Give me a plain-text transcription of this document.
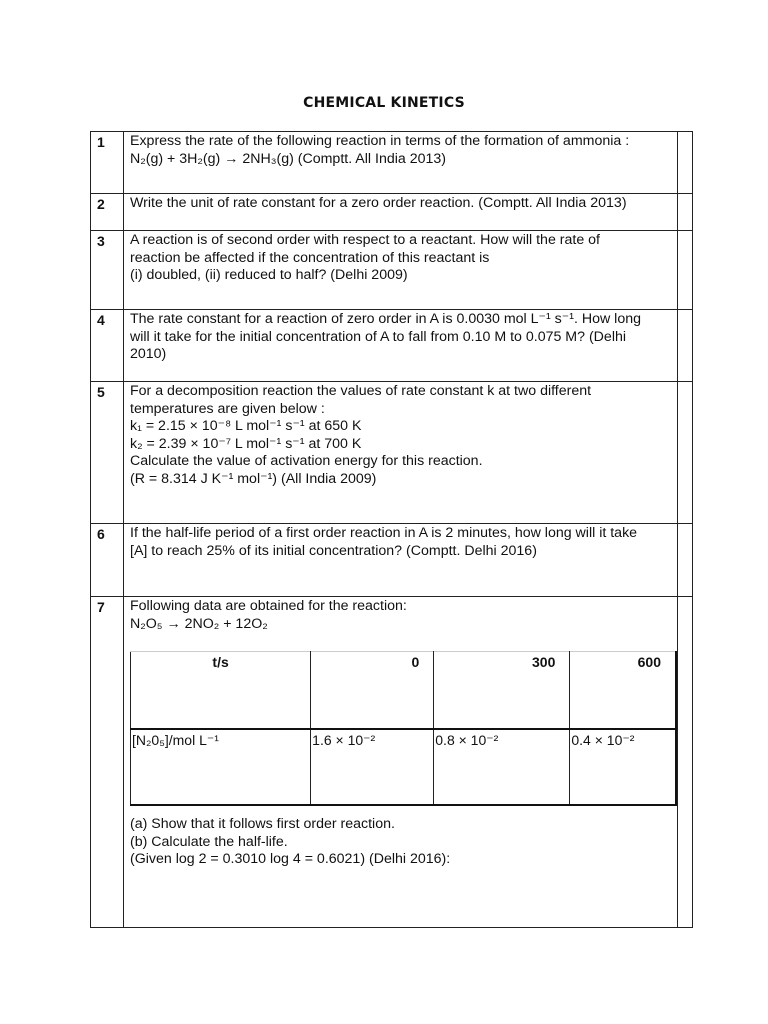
CHEMICAL KINETICS
1	Express the rate of the following reaction in terms of the formation of ammonia :
N₂(g) + 3H₂(g) → 2NH₃(g) (Comptt. All India 2013)

2	Write the unit of rate constant for a zero order reaction. (Comptt. All India 2013)

3	A reaction is of second order with respect to a reactant. How will the rate of
reaction be affected if the concentration of this reactant is
(i) doubled, (ii) reduced to half? (Delhi 2009)

4	The rate constant for a reaction of zero order in A is 0.0030 mol L⁻¹ s⁻¹. How long
will it take for the initial concentration of A to fall from 0.10 M to 0.075 M? (Delhi
2010)

5	For a decomposition reaction the values of rate constant k at two different
temperatures are given below :
k₁ = 2.15 × 10⁻⁸ L mol⁻¹ s⁻¹ at 650 K
k₂ = 2.39 × 10⁻⁷ L mol⁻¹ s⁻¹ at 700 K
Calculate the value of activation energy for this reaction.
(R = 8.314 J K⁻¹ mol⁻¹) (All India 2009)

6	If the half-life period of a first order reaction in A is 2 minutes, how long will it take
[A] to reach 25% of its initial concentration? (Comptt. Delhi 2016)

7	Following data are obtained for the reaction:
N₂O₅ → 2NO₂ + 12O₂
t/s	0	300	600
[N₂0₅]/mol L⁻¹	1.6 × 10⁻²	0.8 × 10⁻²	0.4 × 10⁻²
(a) Show that it follows first order reaction.
(b) Calculate the half-life.
(Given log 2 = 0.3010 log 4 = 0.6021) (Delhi 2016):
